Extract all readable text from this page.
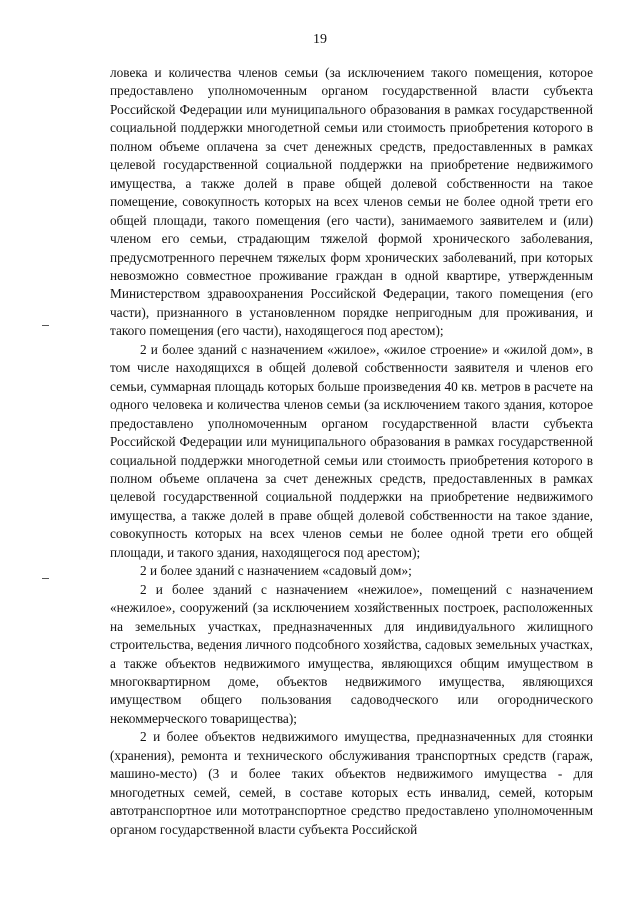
19

ловека и количества членов семьи (за исключением такого помещения, которое предоставлено уполномоченным органом государственной власти субъекта Российской Федерации или муниципального образования в рамках государственной социальной поддержки многодетной семьи или стоимость приобретения которого в полном объеме оплачена за счет денежных средств, предоставленных в рамках целевой государственной социальной поддержки на приобретение недвижимого имущества, а также долей в праве общей долевой собственности на такое помещение, совокупность которых на всех членов семьи не более одной трети его общей площади, такого помещения (его части), занимаемого заявителем и (или) членом его семьи, страдающим тяжелой формой хронического заболевания, предусмотренного перечнем тяжелых форм хронических заболеваний, при которых невозможно совместное проживание граждан в одной квартире, утвержденным Министерством здравоохранения Российской Федерации, такого помещения (его части), признанного в установленном порядке непригодным для проживания, и такого помещения (его части), находящегося под арестом);

2 и более зданий с назначением «жилое», «жилое строение» и «жилой дом», в том числе находящихся в общей долевой собственности заявителя и членов его семьи, суммарная площадь которых больше произведения 40 кв. метров в расчете на одного человека и количества членов семьи (за исключением такого здания, которое предоставлено уполномоченным органом государственной власти субъекта Российской Федерации или муниципального образования в рамках государственной социальной поддержки многодетной семьи или стоимость приобретения которого в полном объеме оплачена за счет денежных средств, предоставленных в рамках целевой государственной социальной поддержки на приобретение недвижимого имущества, а также долей в праве общей долевой собственности на такое здание, совокупность которых на всех членов семьи не более одной трети его общей площади, и такого здания, находящегося под арестом);

2 и более зданий с назначением «садовый дом»;

2 и более зданий с назначением «нежилое», помещений с назначением «нежилое», сооружений (за исключением хозяйственных построек, расположенных на земельных участках, предназначенных для индивидуального жилищного строительства, ведения личного подсобного хозяйства, садовых земельных участках, а также объектов недвижимого имущества, являющихся общим имуществом в многоквартирном доме, объектов недвижимого имущества, являющихся имуществом общего пользования садоводческого или огороднического некоммерческого товарищества);

2 и более объектов недвижимого имущества, предназначенных для стоянки (хранения), ремонта и технического обслуживания транспортных средств (гараж, машино-место) (3 и более таких объектов недвижимого имущества - для многодетных семей, семей, в составе которых есть инвалид, семей, которым автотранспортное или мототранспортное средство предоставлено уполномоченным органом государственной власти субъекта Российской
